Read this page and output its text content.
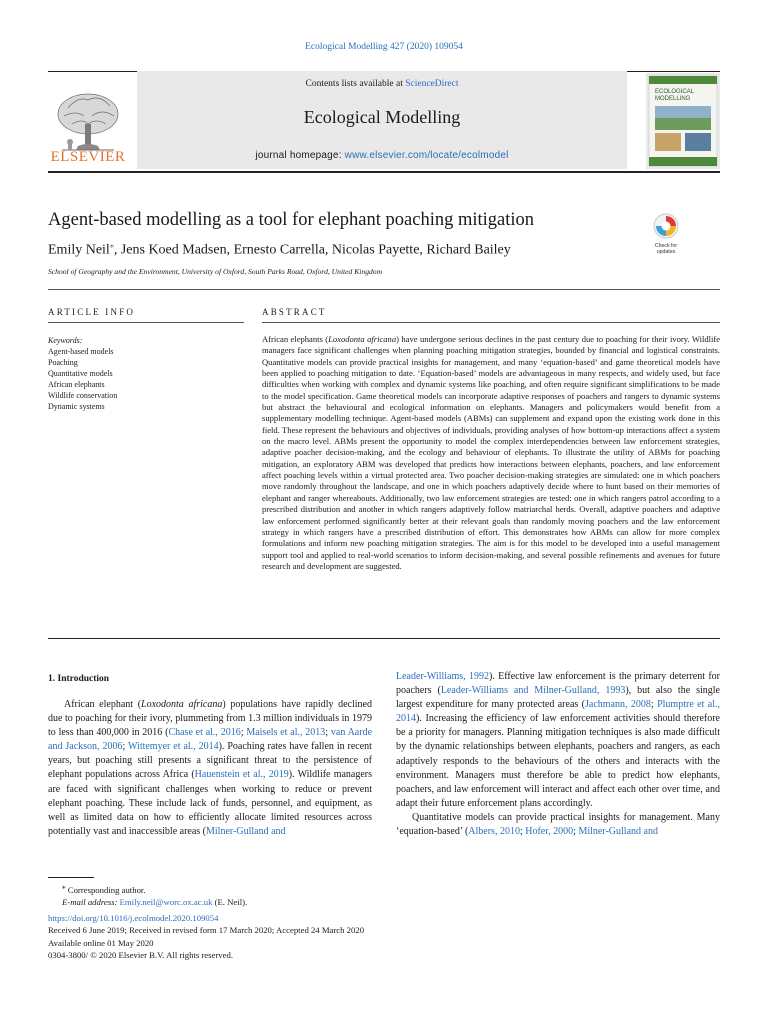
Ecological Modelling 427 (2020) 109054
Contents lists available at ScienceDirect
Ecological Modelling
journal homepage: www.elsevier.com/locate/ecolmodel
ELSEVIER
ECOLOGICAL
MODELLING
Agent-based modelling as a tool for elephant poaching mitigation
Emily Neil⁎, Jens Koed Madsen, Ernesto Carrella, Nicolas Payette, Richard Bailey
School of Geography and the Environment, University of Oxford, South Parks Road, Oxford, United Kingdom
Check for
updates
ARTICLE INFO	ABSTRACT
Keywords:
Agent-based models
Poaching
Quantitative models
African elephants
Wildlife conservation
Dynamic systems
African elephants (Loxodonta africana) have undergone serious declines in the past century due to poaching for their ivory. Wildlife managers face significant challenges when planning poaching mitigation strategies, bounded by financial and logistical constraints. Quantitative models can provide practical insights for management, and many ‘equation-based’ and game theoretical models have been applied to poaching mitigation to date. ‘Equation-based’ models are advantageous in many respects, and widely used, but face difficulties when working with complex and dynamic systems like poaching, and often require significant simplifications to be made to the model specification. Game theoretical models can incorporate adaptive responses of poachers and rangers to dynamic systems but abstract the behavioural and ecological information on elephants. Managers and policymakers would benefit from a supplementary modelling technique. Agent-based models (ABMs) can supplement and expand upon the existing work done in this field. These represent the behaviours and objectives of individuals, providing analyses of how bottom-up interactions affect a system on the macro level. ABMs present the opportunity to model the complex interdependencies between law enforcement strategies, adaptive poacher decision-making, and the ecology and behaviour of elephants. To illustrate the utility of ABMs for poaching mitigation, an exploratory ABM was developed that predicts how interactions between elephants, poachers, and law enforcement affect poaching levels within a virtual protected area. Two poacher decision-making strategies are simulated: one in which poachers move randomly throughout the landscape, and one in which poachers adaptively decide where to hunt based on their memories of elephant and ranger whereabouts. Additionally, two law enforcement strategies are tested: one in which rangers patrol according to a prescribed distribution and another in which rangers adaptively follow matriarchal herds. Overall, adaptive poachers and adaptive law enforcement performed significantly better at their relevant goals than randomly moving poachers and the law enforcement strategy in which rangers have a prescribed distribution of effort. This demonstrates how ABMs can allow for more complex formulations and inform new poaching mitigation strategies. The aim is for this model to be developed into a useful management support tool and applied to real-world scenarios to inform decision-making, and several possible refinements and avenues for future research and development are suggested.
1. Introduction

African elephant (Loxodonta africana) populations have rapidly declined due to poaching for their ivory, plummeting from 1.3 million individuals in 1979 to less than 400,000 in 2016 (Chase et al., 2016; Maisels et al., 2013; van Aarde and Jackson, 2006; Wittemyer et al., 2014). Poaching rates have fallen in recent years, but poaching still presents a significant threat to the persistence of elephant populations across Africa (Hauenstein et al., 2019). Wildlife managers are faced with significant challenges when working to reduce or prevent elephant poaching. These include lack of funds, personnel, and equipment, as well as limited data on how to efficiently allocate limited resources across potentially vast and inaccessible areas (Milner-Gulland and

Leader-Williams, 1992). Effective law enforcement is the primary deterrent for poachers (Leader-Williams and Milner-Gulland, 1993), but also the single largest expenditure for many protected areas (Jachmann, 2008; Plumptre et al., 2014). Increasing the efficiency of law enforcement activities should therefore be a priority for managers. Planning mitigation techniques is also made difficult by the dynamic relationships between elephants, poachers and rangers, as each adaptively responds to the behaviours of the others and interacts with the environment. Managers must therefore be able to predict how elephants, poachers, and law enforcement will interact and affect each other over time, and adapt their future enforcement plans accordingly.

Quantitative models can provide practical insights for management. Many ‘equation-based’ (Albers, 2010; Hofer, 2000; Milner-Gulland and

⁎ Corresponding author.
E-mail address: Emily.neil@worc.ox.ac.uk (E. Neil).
https://doi.org/10.1016/j.ecolmodel.2020.109054
Received 6 June 2019; Received in revised form 17 March 2020; Accepted 24 March 2020
Available online 01 May 2020
0304-3800/ © 2020 Elsevier B.V. All rights reserved.
